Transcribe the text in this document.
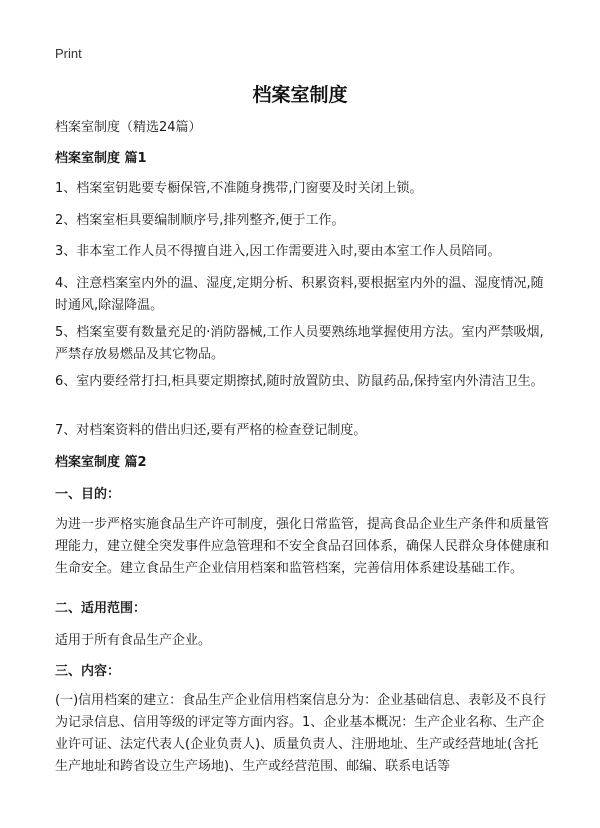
Print
档案室制度
档案室制度（精选24篇）
档案室制度 篇1
1、档案室钥匙要专橱保管,不准随身携带,门窗要及时关闭上锁。
2、档案室柜具要编制顺序号,排列整齐,便于工作。
3、非本室工作人员不得擅自进入,因工作需要进入时,要由本室工作人员陪同。
4、注意档案室内外的温、湿度,定期分析、积累资料,要根据室内外的温、湿度情况,随时通风,除湿降温。
5、档案室要有数量充足的·消防器械,工作人员要熟练地掌握使用方法。室内严禁吸烟,严禁存放易燃品及其它物品。
6、室内要经常打扫,柜具要定期擦拭,随时放置防虫、防鼠药品,保持室内外清洁卫生。
7、对档案资料的借出归还,要有严格的检查登记制度。
档案室制度 篇2
一、目的：
为进一步严格实施食品生产许可制度，强化日常监管，提高食品企业生产条件和质量管理能力，建立健全突发事件应急管理和不安全食品召回体系，确保人民群众身体健康和生命安全。建立食品生产企业信用档案和监管档案，完善信用体系建设基础工作。
二、适用范围：
适用于所有食品生产企业。
三、内容：
(一)信用档案的建立：食品生产企业信用档案信息分为：企业基础信息、表彰及不良行为记录信息、信用等级的评定等方面内容。1、企业基本概况：生产企业名称、生产企业许可证、法定代表人(企业负责人)、质量负责人、注册地址、生产或经营地址(含托生产地址和跨省设立生产场地)、生产或经营范围、邮编、联系电话等
